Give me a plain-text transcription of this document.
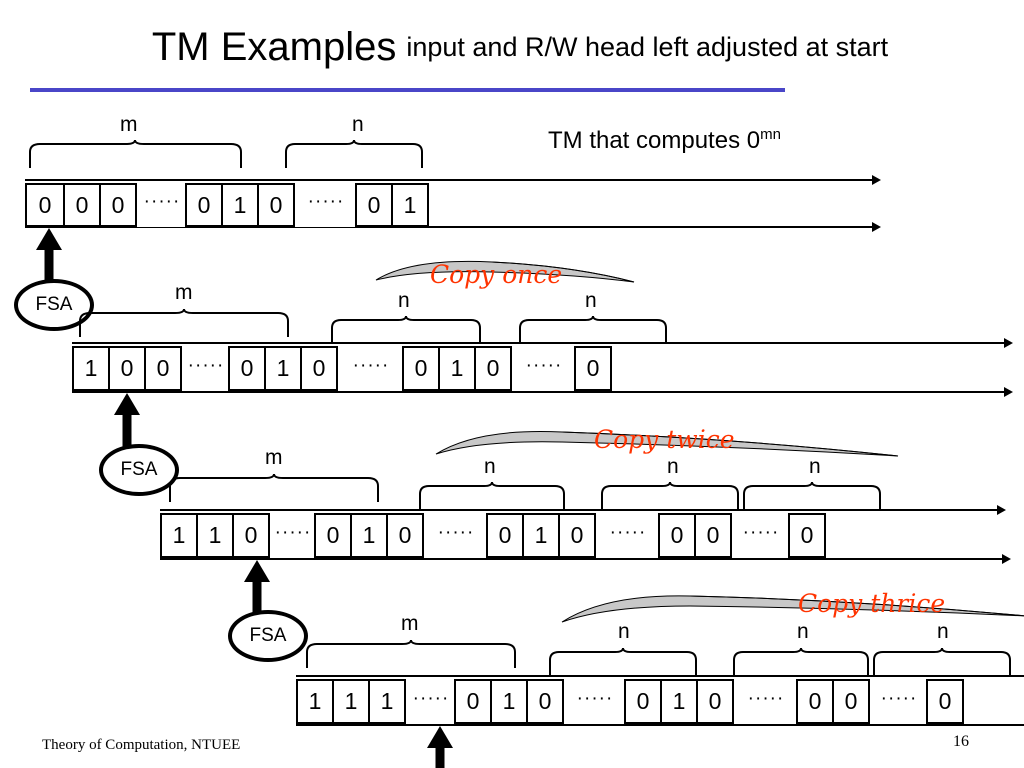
TM Examples input and R/W head left adjusted at start
TM that computes $0^{mn}$
m	n
0	0	0	····· 0	1	0	·····	0	1
FSA
Copy once
m	n	n
1	0	0 ····· 0	1	0	·····	0	1	0	·····	0
FSA
Copy twice
m	n	n	n
1	1	0 ····· 0	1	0	·····	0	1	0	·····	0	0	····· 0
FSA
Copy thrice
m	n	n	n
1	1	1	····· 0	1	0	·····	0	1	0	·····	0	0	····· 0
Theory of Computation, NTUEE	16
